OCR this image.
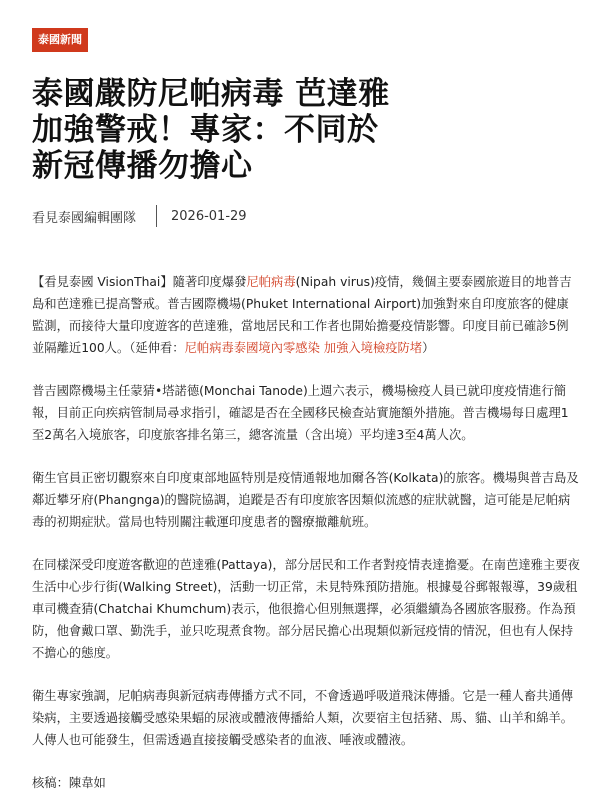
泰國新聞
泰國嚴防尼帕病毒 芭達雅加強警戒！專家：不同於新冠傳播勿擔心
看見泰國編輯團隊	2026-01-29

【看見泰國 VisionThai】隨著印度爆發尼帕病毒(Nipah virus)疫情，幾個主要泰國旅遊目的地普吉島和芭達雅已提高警戒。普吉國際機場(Phuket International Airport)加強對來自印度旅客的健康監測，而接待大量印度遊客的芭達雅，當地居民和工作者也開始擔憂疫情影響。印度目前已確診5例並隔離近100人。（延伸看：尼帕病毒泰國境內零感染 加強入境檢疫防堵）

普吉國際機場主任蒙猜•塔諾德(Monchai Tanode)上週六表示，機場檢疫人員已就印度疫情進行簡報，目前正向疾病管制局尋求指引，確認是否在全國移民檢查站實施額外措施。普吉機場每日處理1至2萬名入境旅客，印度旅客排名第三，總客流量（含出境）平均達3至4萬人次。

衛生官員正密切觀察來自印度東部地區特別是疫情通報地加爾各答(Kolkata)的旅客。機場與普吉島及鄰近攀牙府(Phangnga)的醫院協調，追蹤是否有印度旅客因類似流感的症狀就醫，這可能是尼帕病毒的初期症狀。當局也特別關注載運印度患者的醫療撤離航班。

在同樣深受印度遊客歡迎的芭達雅(Pattaya)，部分居民和工作者對疫情表達擔憂。在南芭達雅主要夜生活中心步行街(Walking Street)，活動一切正常，未見特殊預防措施。根據曼谷郵報報導，39歲租車司機查猜(Chatchai Khumchum)表示，他很擔心但別無選擇，必須繼續為各國旅客服務。作為預防，他會戴口罩、勤洗手，並只吃現煮食物。部分居民擔心出現類似新冠疫情的情況，但也有人保持不擔心的態度。

衛生專家強調，尼帕病毒與新冠病毒傳播方式不同，不會透過呼吸道飛沫傳播。它是一種人畜共通傳染病，主要透過接觸受感染果蝠的尿液或體液傳播給人類，次要宿主包括豬、馬、貓、山羊和綿羊。人傳人也可能發生，但需透過直接接觸受感染者的血液、唾液或體液。

核稿：陳韋如
